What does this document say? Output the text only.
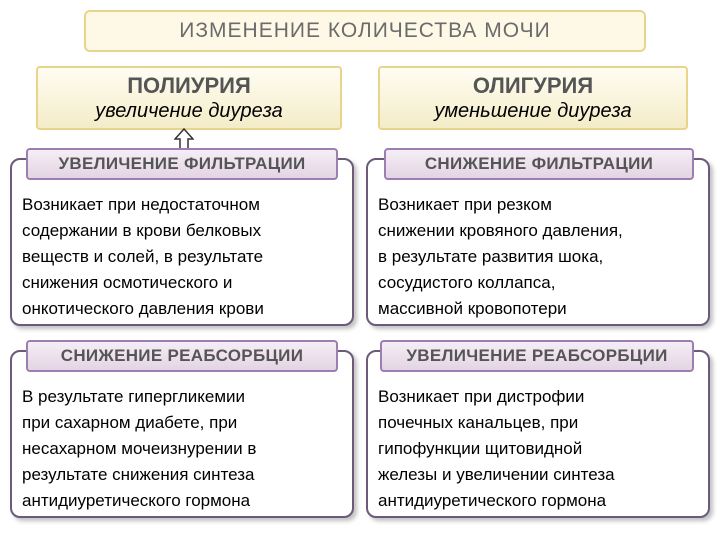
ИЗМЕНЕНИЕ КОЛИЧЕСТВА МОЧИ
ПОЛИУРИЯ
увеличение диуреза
ОЛИГУРИЯ
уменьшение диуреза
Возникает при недостаточном
содержании в крови белковых
веществ и солей, в результате
снижения осмотического и
онкотического давления крови
УВЕЛИЧЕНИЕ ФИЛЬТРАЦИИ
Возникает при резком
снижении кровяного давления,
в результате развития шока,
сосудистого коллапса,
массивной кровопотери
СНИЖЕНИЕ ФИЛЬТРАЦИИ
В результате гипергликемии
при сахарном диабете, при
несахарном мочеизнурении в
результате снижения синтеза
антидиуретического гормона
СНИЖЕНИЕ РЕАБСОРБЦИИ
Возникает при дистрофии
почечных канальцев, при
гипофункции щитовидной
железы и увеличении синтеза
антидиуретического гормона
УВЕЛИЧЕНИЕ РЕАБСОРБЦИИ
